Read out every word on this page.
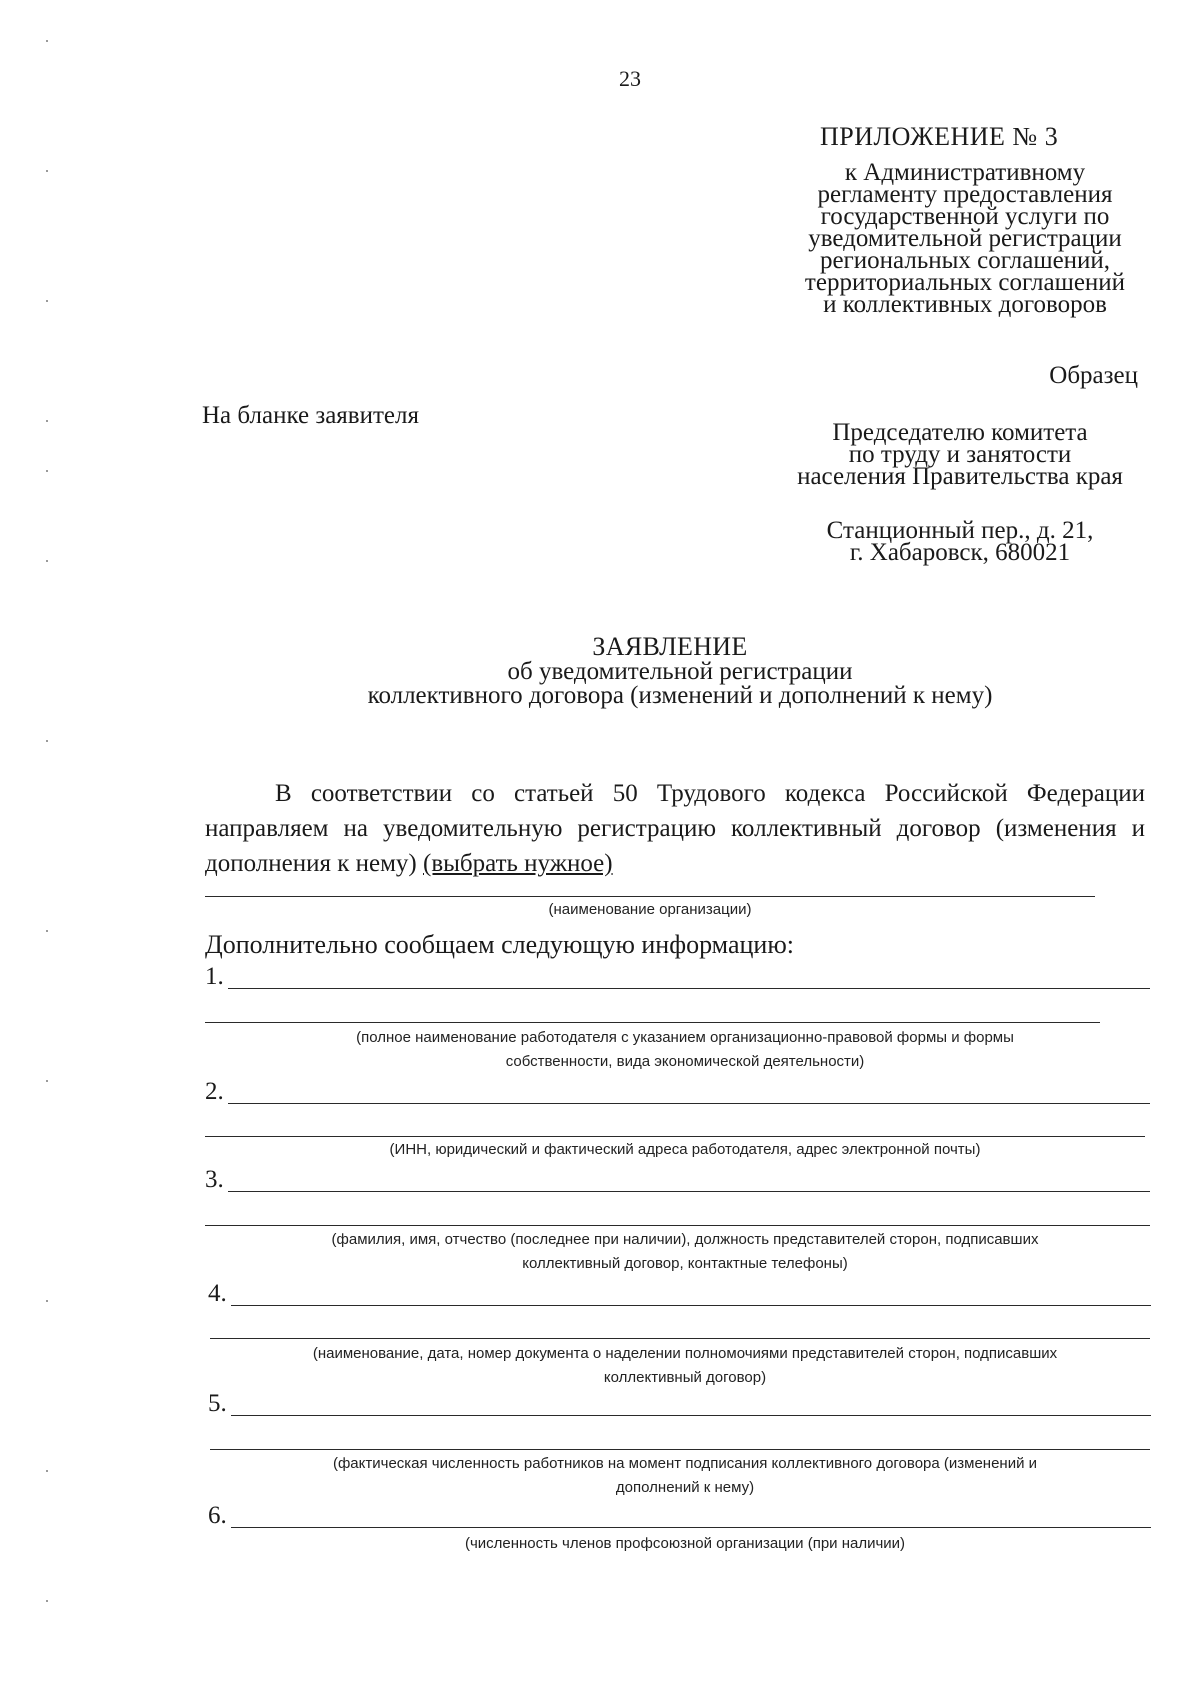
23
ПРИЛОЖЕНИЕ № 3
к Административному
регламенту предоставления
государственной услуги по
уведомительной регистрации
региональных соглашений,
территориальных соглашений
и коллективных договоров
Образец
На бланке заявителя
Председателю комитета
по труду и занятости
населения Правительства края
Станционный пер., д. 21,
г. Хабаровск, 680021
ЗАЯВЛЕНИЕ
об уведомительной регистрации
коллективного договора (изменений и дополнений к нему)
В соответствии со статьей 50 Трудового кодекса Российской Федерации направляем на уведомительную регистрацию коллективный договор (изменения и дополнения к нему) (выбрать нужное)
(наименование организации)
Дополнительно сообщаем следующую информацию:
1.
(полное наименование работодателя с указанием организационно-правовой формы и формы
собственности, вида экономической деятельности)
2.
(ИНН, юридический и фактический адреса работодателя, адрес электронной почты)
3.
(фамилия, имя, отчество (последнее при наличии), должность представителей сторон, подписавших
коллективный договор, контактные телефоны)
4.
(наименование, дата, номер документа о наделении полномочиями представителей сторон, подписавших
коллективный договор)
5.
(фактическая численность работников на момент подписания коллективного договора (изменений и
дополнений к нему)
6.
(численность членов профсоюзной организации (при наличии)
